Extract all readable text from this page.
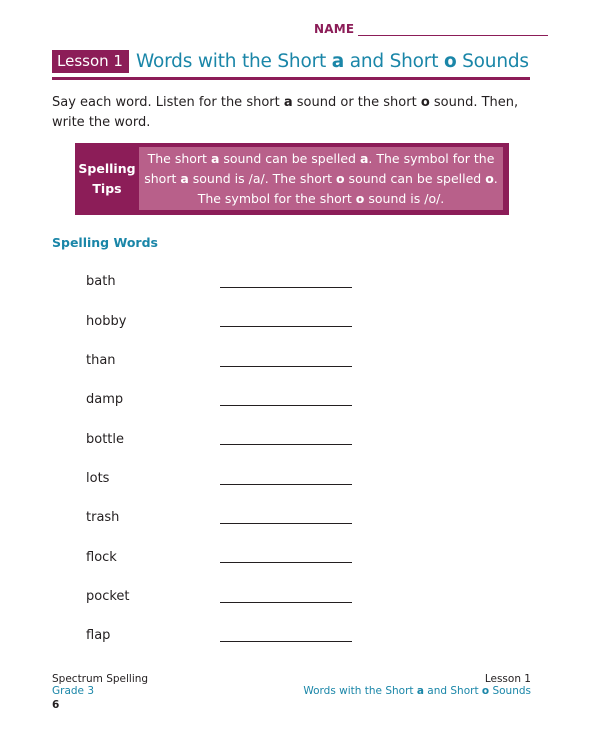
NAME
Lesson 1 Words with the Short a and Short o Sounds
Say each word. Listen for the short a sound or the short o sound. Then, write the word.
Spelling
Tips
The short a sound can be spelled a. The symbol for the short a sound is /a/. The short o sound can be spelled o. The symbol for the short o sound is /o/.
Spelling Words
bath
hobby
than
damp
bottle
lots
trash
flock
pocket
flap
Spectrum Spelling
Grade 3
6
Lesson 1
Words with the Short a and Short o Sounds
